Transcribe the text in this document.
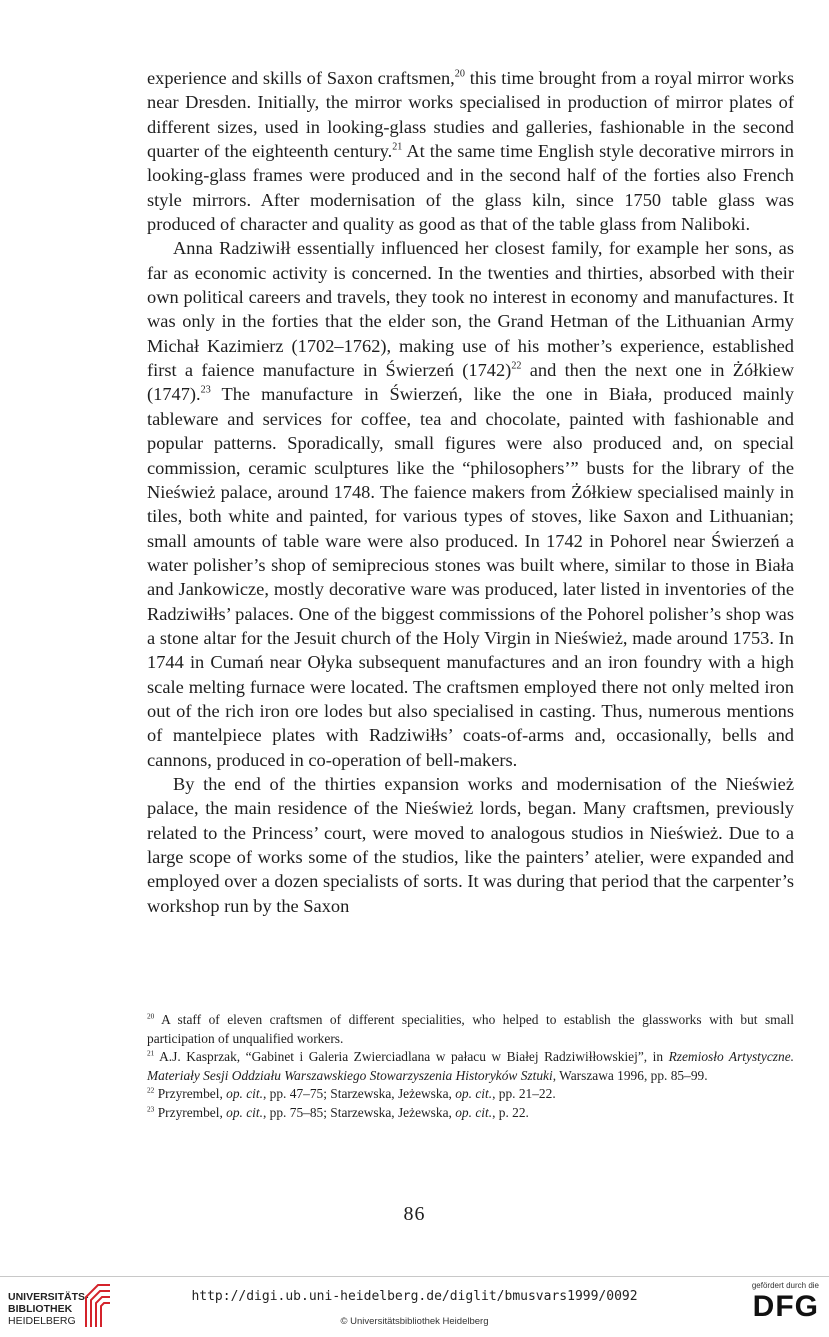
experience and skills of Saxon craftsmen,$^{20}$ this time brought from a royal mirror works near Dresden. Initially, the mirror works specialised in production of mirror plates of different sizes, used in looking-glass studies and galleries, fashionable in the second quarter of the eighteenth century.$^{21}$ At the same time English style decorative mirrors in looking-glass frames were produced and in the second half of the forties also French style mirrors. After modernisation of the glass kiln, since 1750 table glass was produced of character and quality as good as that of the table glass from Naliboki.

Anna Radziwiłł essentially influenced her closest family, for example her sons, as far as economic activity is concerned. In the twenties and thirties, absorbed with their own political careers and travels, they took no interest in economy and manufactures. It was only in the forties that the elder son, the Grand Hetman of the Lithuanian Army Michał Kazimierz (1702–1762), making use of his mother’s experience, established first a faience manufacture in Świerzeń $(1742)^{22}$ and then the next one in Żółkiew (1747).$^{23}$ The manufacture in Świerzeń, like the one in Biała, produced mainly tableware and services for coffee, tea and chocolate, painted with fashionable and popular patterns. Sporadically, small figures were also produced and, on special commission, ceramic sculptures like the “philosophers’” busts for the library of the Nieśwież palace, around 1748. The faience makers from Żółkiew specialised mainly in tiles, both white and painted, for various types of stoves, like Saxon and Lithuanian; small amounts of table ware were also produced. In 1742 in Pohorel near Świerzeń a water polisher’s shop of semiprecious stones was built where, similar to those in Biała and Jankowicze, mostly decorative ware was produced, later listed in inventories of the Radziwiłłs’ palaces. One of the biggest commissions of the Pohorel polisher’s shop was a stone altar for the Jesuit church of the Holy Virgin in Nieśwież, made around 1753. In 1744 in Cumań near Ołyka subsequent manufactures and an iron foundry with a high scale melting furnace were located. The craftsmen employed there not only melted iron out of the rich iron ore lodes but also specialised in casting. Thus, numerous mentions of mantelpiece plates with Radziwiłłs’ coats-of-arms and, occasionally, bells and cannons, produced in co-operation of bell-makers.

By the end of the thirties expansion works and modernisation of the Nieśwież palace, the main residence of the Nieśwież lords, began. Many craftsmen, previously related to the Princess’ court, were moved to analogous studios in Nieśwież. Due to a large scope of works some of the studios, like the painters’ atelier, were expanded and employed over a dozen specialists of sorts. It was during that period that the carpenter’s workshop run by the Saxon

$^{20}$ A staff of eleven craftsmen of different specialities, who helped to establish the glassworks with but small participation of unqualified workers.

$^{21}$ A.J. Kasprzak, “Gabinet i Galeria Zwierciadlana w pałacu w Białej Radziwiłłowskiej”, in Rzemiosło Artystyczne. Materiały Sesji Oddziału Warszawskiego Stowarzyszenia Historyków Sztuki, Warszawa 1996, pp. 85–99.

$^{22}$ Przyrembel, op. cit., pp. 47–75; Starzewska, Jeżewska, op. cit., pp. 21–22.

$^{23}$ Przyrembel, op. cit., pp. 75–85; Starzewska, Jeżewska, op. cit., p. 22.

86
UNIVERSITÄTS-
BIBLIOTHEK
HEIDELBERG
http://digi.ub.uni-heidelberg.de/diglit/bmusvars1999/0092
© Universitätsbibliothek Heidelberg
gefördert durch die
DFG
